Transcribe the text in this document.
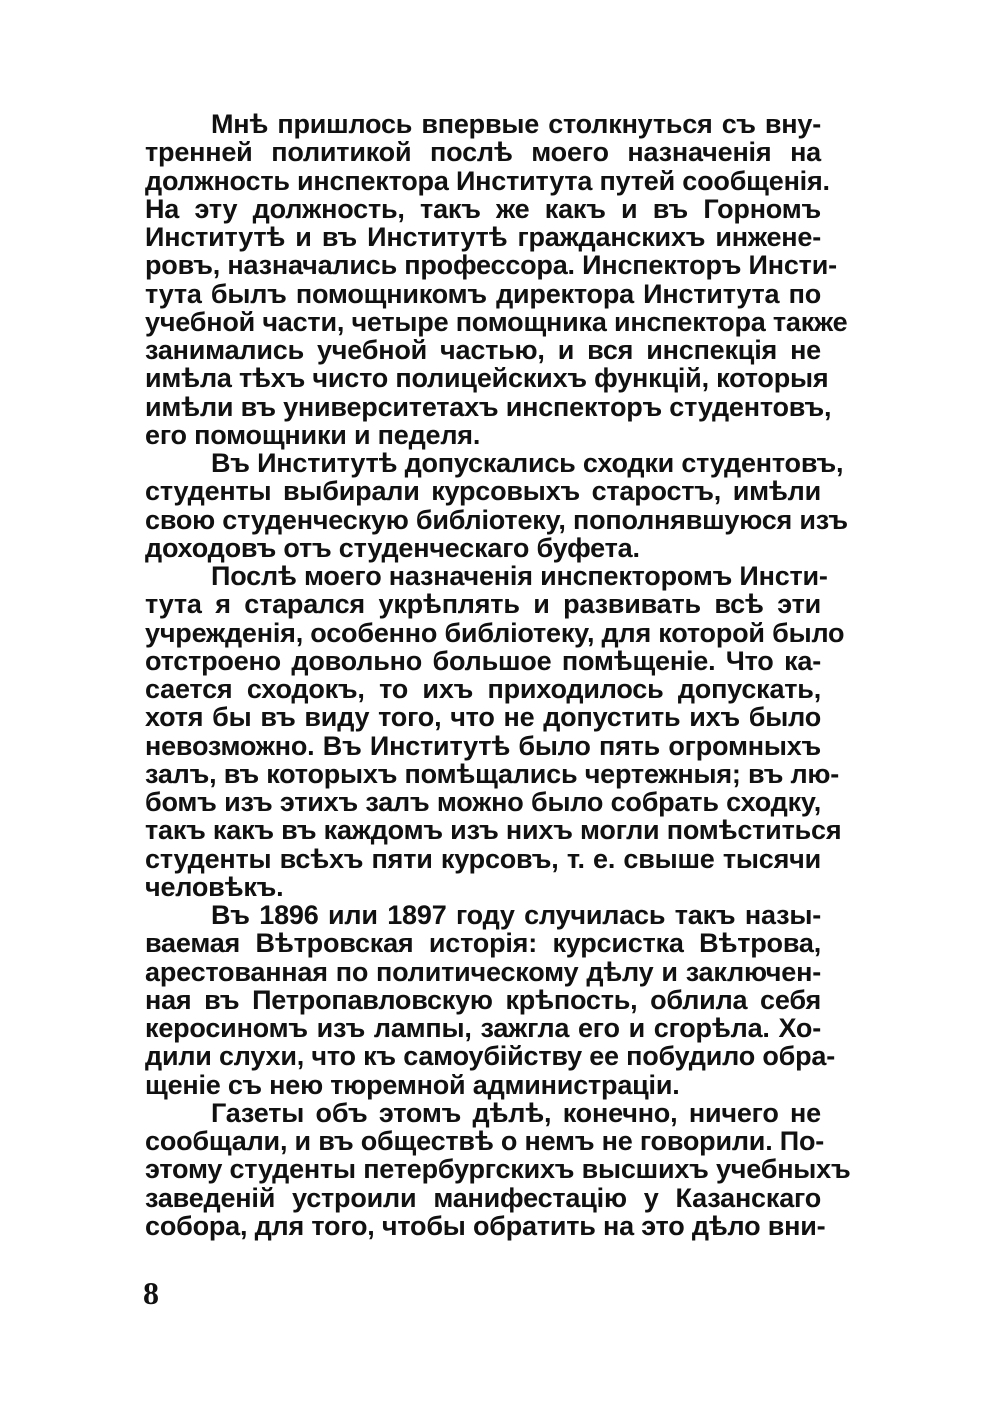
Мнѣ пришлось впервые столкнуться съ вну-
тренней политикой послѣ моего назначенія на
должность инспектора Института путей сообщенія.
На эту должность, такъ же какъ и въ Горномъ
Институтѣ и въ Институтѣ гражданскихъ инжене-
ровъ, назначались профессора. Инспекторъ Инсти-
тута былъ помощникомъ директора Института по
учебной части, четыре помощника инспектора также
занимались учебной частью, и вся инспекція не
имѣла тѣхъ чисто полицейскихъ функцій, которыя
имѣли въ университетахъ инспекторъ студентовъ,
его помощники и педеля.
Въ Институтѣ допускались сходки студентовъ,
студенты выбирали курсовыхъ старостъ, имѣли
свою студенческую библіотеку, пополнявшуюся изъ
доходовъ отъ студенческаго буфета.
Послѣ моего назначенія инспекторомъ Инсти-
тута я старался укрѣплять и развивать всѣ эти
учрежденія, особенно библіотеку, для которой было
отстроено довольно большое помѣщеніе. Что ка-
сается сходокъ, то ихъ приходилось допускать,
хотя бы въ виду того, что не допустить ихъ было
невозможно. Въ Институтѣ было пять огромныхъ
залъ, въ которыхъ помѣщались чертежныя; въ лю-
бомъ изъ этихъ залъ можно было собрать сходку,
такъ какъ въ каждомъ изъ нихъ могли помѣститься
студенты всѣхъ пяти курсовъ, т. е. свыше тысячи
человѣкъ.
Въ 1896 или 1897 году случилась такъ назы-
ваемая Вѣтровская исторія: курсистка Вѣтрова,
арестованная по политическому дѣлу и заключен-
ная въ Петропавловскую крѣпость, облила себя
керосиномъ изъ лампы, зажгла его и сгорѣла. Хо-
дили слухи, что къ самоубійству ее побудило обра-
щеніе съ нею тюремной администраціи.
Газеты объ этомъ дѣлѣ, конечно, ничего не
сообщали, и въ обществѣ о немъ не говорили. По-
этому студенты петербургскихъ высшихъ учебныхъ
заведеній устроили манифестацію у Казанскаго
собора, для того, чтобы обратить на это дѣло вни-
8
